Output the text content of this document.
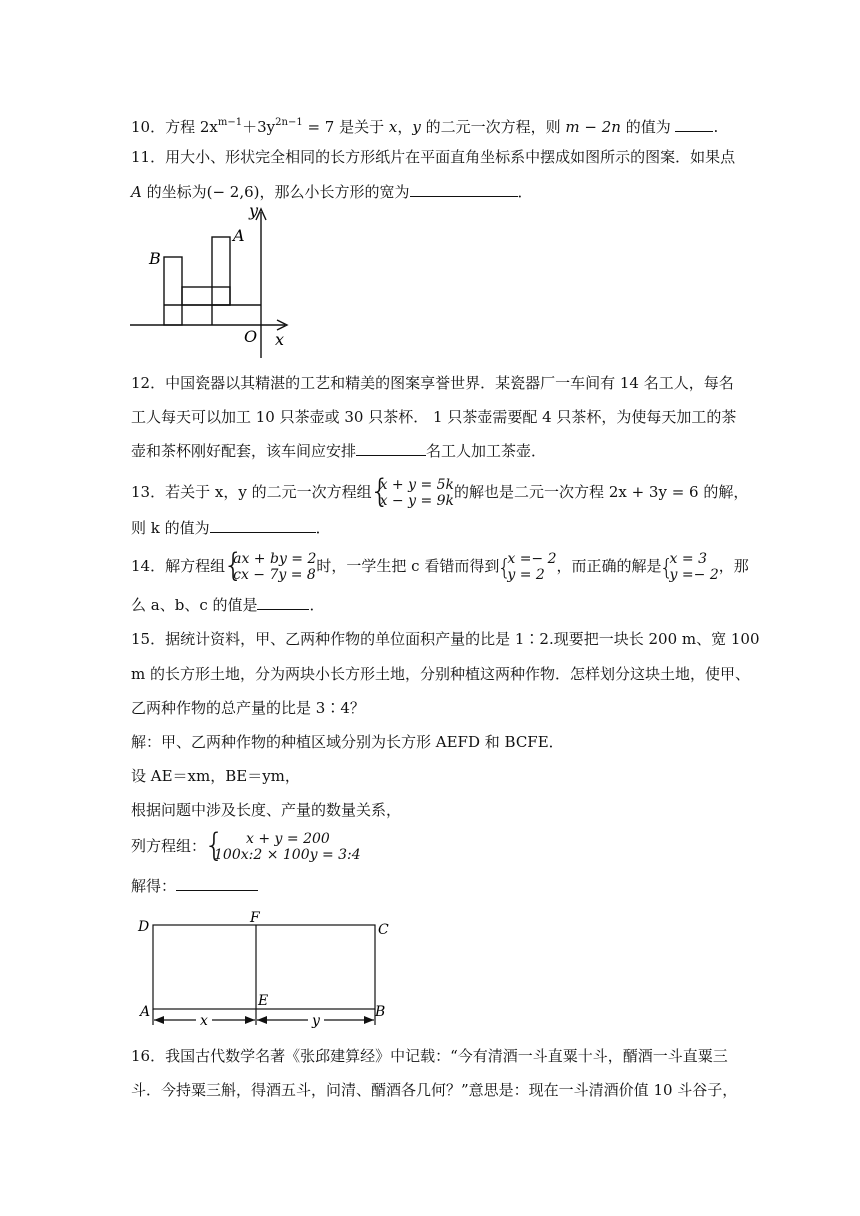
10．方程 $2x^{m-1}+3y^{2n-1} = 7$ 是关于 x，y 的二元一次方程，则 m − 2n 的值为	.
11．用大小、形状完全相同的长方形纸片在平面直角坐标系中摆成如图所示的图案．如果点
A 的坐标为(− 2,6)，那么小长方形的宽为	．
B
A
y
O x
12．中国瓷器以其精湛的工艺和精美的图案享誉世界．某瓷器厂一车间有 14 名工人，每名
工人每天可以加工 10 只茶壶或 30 只茶杯． 1 只茶壶需要配 4 只茶杯，为使每天加工的茶
壶和茶杯刚好配套，该车间应安排	名工人加工茶壶．
13．若关于 x，y 的二元一次方程组 { x + y = 5k
x − y = 9k 的解也是二元一次方程 2x + 3y = 6 的解，
则 k 的值为	．
14．解方程组 { ax + by = 2
cx − 7y = 8 时，一学生把 c 看错而得到 { x =− 2
y = 2 ，而正确的解是 { x = 3
y =− 2 ，那
么 a、b、c 的值是	．
15．据统计资料，甲、乙两种作物的单位面积产量的比是 1∶2.现要把一块长 200 m、宽 100
m 的长方形土地，分为两块小长方形土地，分别种植这两种作物．怎样划分这块土地，使甲、
乙两种作物的总产量的比是 3∶4？
解：甲、乙两种作物的种植区域分别为长方形 AEFD 和 BCFE．
设 AE＝xm，BE＝ym，
根据问题中涉及长度、产量的数量关系，
列方程组：	{ x + y = 200
100x:2 × 100y = 3:4
解得：
D
F
C
A
E
B
x	y
16．我国古代数学名著《张邱建算经》中记载：“今有清酒一斗直粟十斗，醑酒一斗直粟三
斗．今持粟三斛，得酒五斗，问清、醑酒各几何？”意思是：现在一斗清酒价值 10 斗谷子，
